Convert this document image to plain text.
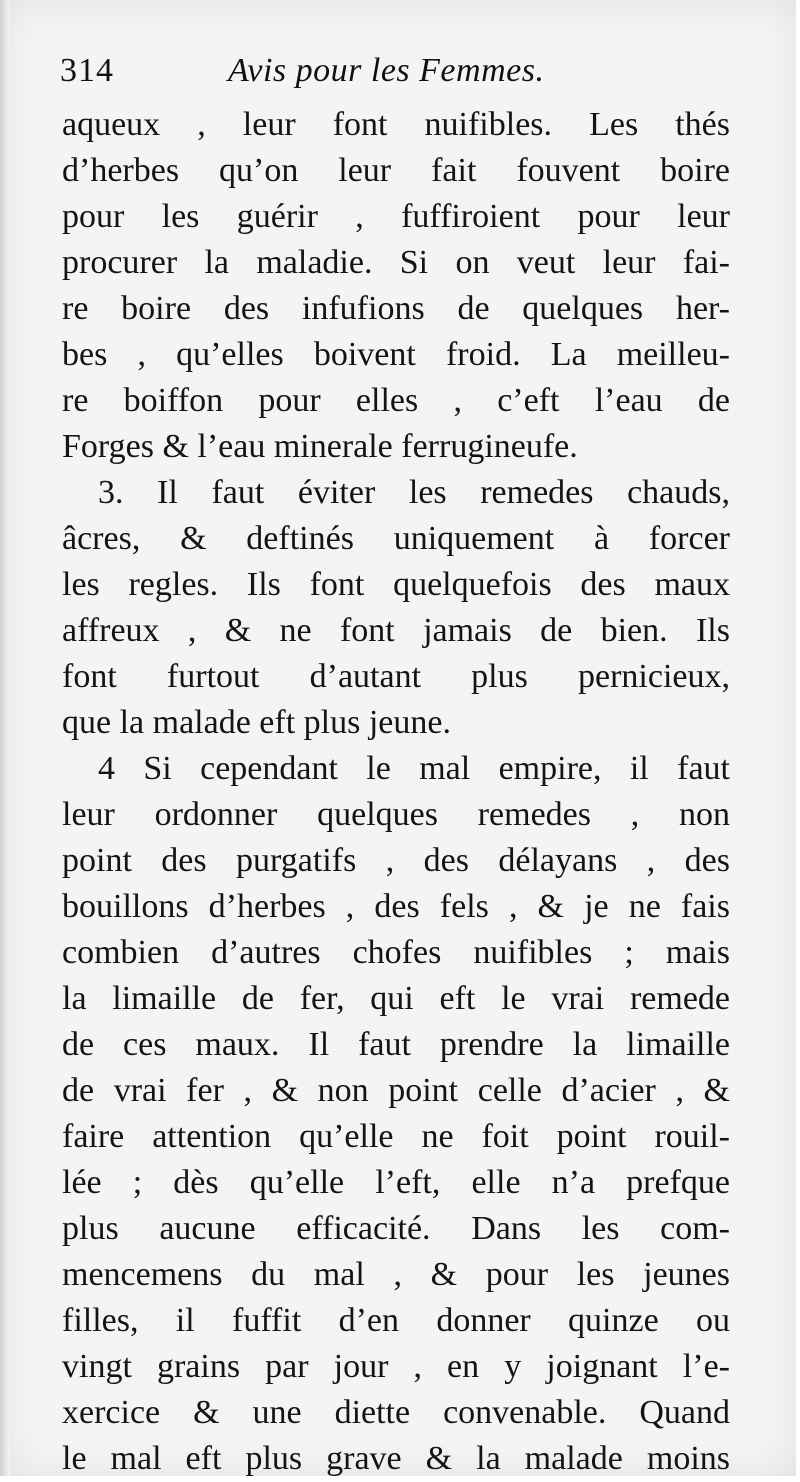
314	Avis pour les Femmes.
aqueux , leur font nuifibles. Les thés
d’herbes qu’on leur fait fouvent boire
pour les guérir , fuffiroient pour leur
procurer la maladie. Si on veut leur fai-
re boire des infufions de quelques her-
bes , qu’elles boivent froid. La meilleu-
re boiffon pour elles , c’eft l’eau de
Forges & l’eau minerale ferrugineufe.
3. Il faut éviter les remedes chauds,
âcres, & deftinés uniquement à forcer
les regles. Ils font quelquefois des maux
affreux , & ne font jamais de bien. Ils
font furtout d’autant plus pernicieux,
que la malade eft plus jeune.
4 Si cependant le mal empire, il faut
leur ordonner quelques remedes , non
point des purgatifs , des délayans , des
bouillons d’herbes , des fels , & je ne fais
combien d’autres chofes nuifibles ; mais
la limaille de fer, qui eft le vrai remede
de ces maux. Il faut prendre la limaille
de vrai fer , & non point celle d’acier , &
faire attention qu’elle ne foit point rouil-
lée ; dès qu’elle l’eft, elle n’a prefque
plus aucune efficacité. Dans les com-
mencemens du mal , & pour les jeunes
filles, il fuffit d’en donner quinze ou
vingt grains par jour , en y joignant l’e-
xercice & une diette convenable. Quand
le mal eft plus grave & la malade moins
